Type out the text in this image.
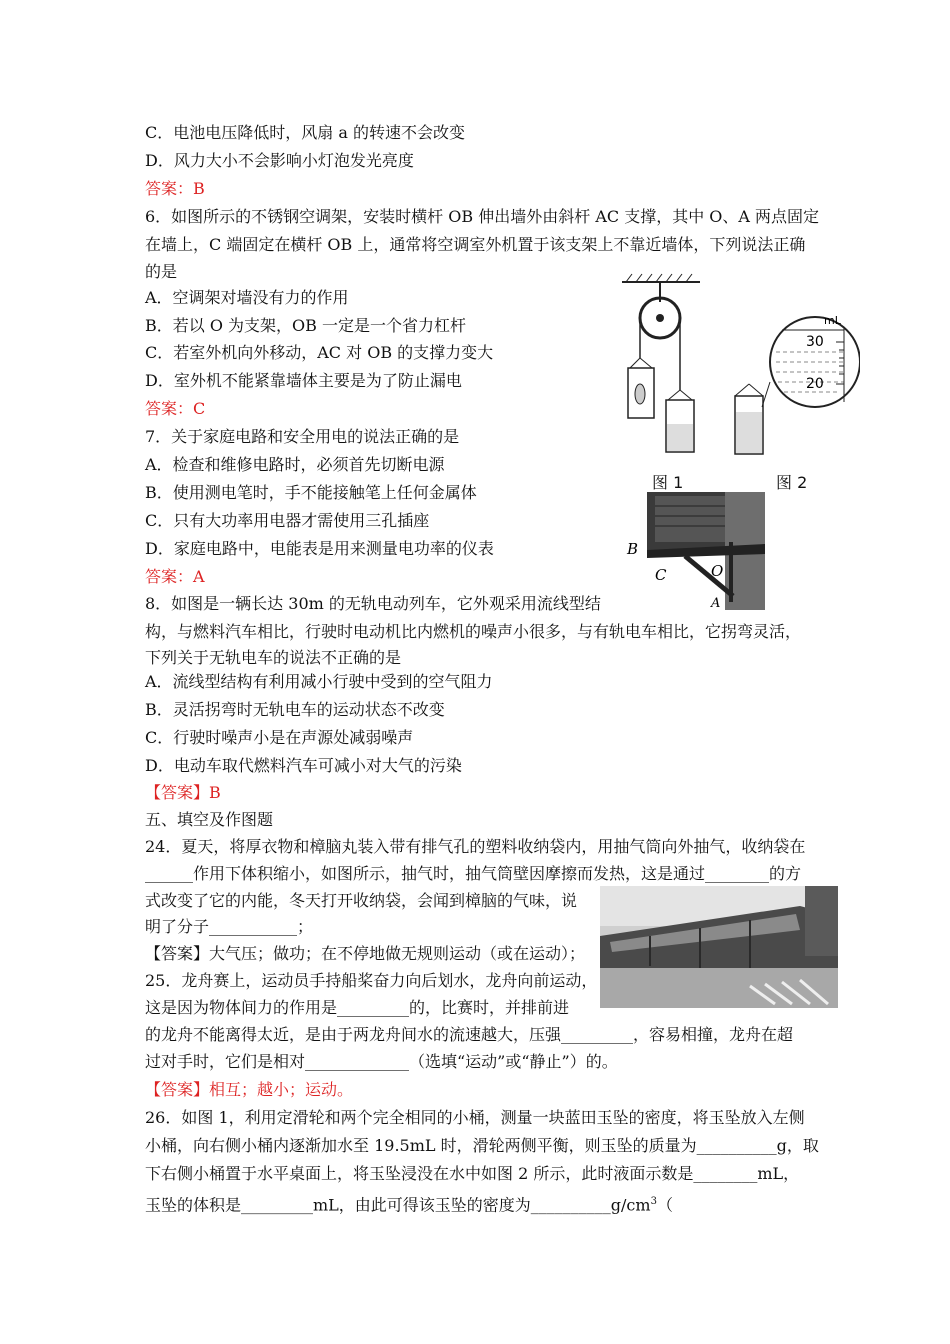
C．电池电压降低时，风扇 a 的转速不会改变
D．风力大小不会影响小灯泡发光亮度
答案：B
6．如图所示的不锈钢空调架，安装时横杆 OB 伸出墙外由斜杆 AC 支撑，其中 O、A 两点固定
在墙上，C 端固定在横杆 OB 上，通常将空调室外机置于该支架上不靠近墙体，下列说法正确
的是
A．空调架对墙没有力的作用
B．若以 O 为支架，OB 一定是一个省力杠杆
C．若室外机向外移动，AC 对 OB 的支撑力变大
D．室外机不能紧靠墙体主要是为了防止漏电
答案：C
7．关于家庭电路和安全用电的说法正确的是
A．检查和维修电路时，必须首先切断电源
B．使用测电笔时，手不能接触笔上任何金属体
C．只有大功率用电器才需使用三孔插座
D．家庭电路中，电能表是用来测量电功率的仪表
答案：A
8．如图是一辆长达 30m 的无轨电动列车，它外观采用流线型结
构，与燃料汽车相比，行驶时电动机比内燃机的噪声小很多，与有轨电车相比，它拐弯灵活，
下列关于无轨电车的说法不正确的是
A．流线型结构有利用减小行驶中受到的空气阻力
B．灵活拐弯时无轨电车的运动状态不改变
C．行驶时噪声小是在声源处减弱噪声
D．电动车取代燃料汽车可减小对大气的污染
【答案】B
五、填空及作图题
24．夏天，将厚衣物和樟脑丸装入带有排气孔的塑料收纳袋内，用抽气筒向外抽气，收纳袋在
______作用下体积缩小，如图所示，抽气时，抽气筒壁因摩擦而发热，这是通过________的方
式改变了它的内能，冬天打开收纳袋，会闻到樟脑的气味，说
明了分子___________；
【答案】大气压；做功；在不停地做无规则运动（或在运动）；
25．龙舟赛上，运动员手持船桨奋力向后划水，龙舟向前运动，
这是因为物体间力的作用是_________的，比赛时，并排前进
的龙舟不能离得太近，是由于两龙舟间水的流速越大，压强_________，容易相撞，龙舟在超
过对手时，它们是相对_____________（选填“运动”或“静止”）的。
【答案】相互；越小；运动。
26．如图 1，利用定滑轮和两个完全相同的小桶，测量一块蓝田玉坠的密度，将玉坠放入左侧
小桶，向右侧小桶内逐渐加水至 19.5mL 时，滑轮两侧平衡，则玉坠的质量为__________g，取
下右侧小桶置于水平桌面上，将玉坠浸没在水中如图 2 所示，此时液面示数是________mL，
玉坠的体积是_________mL，由此可得该玉坠的密度为$\_\_\_\_\_\_\_\_\_\_g/cm^3$（
mL
30
20
图 1	图 2
B
C	O
A
